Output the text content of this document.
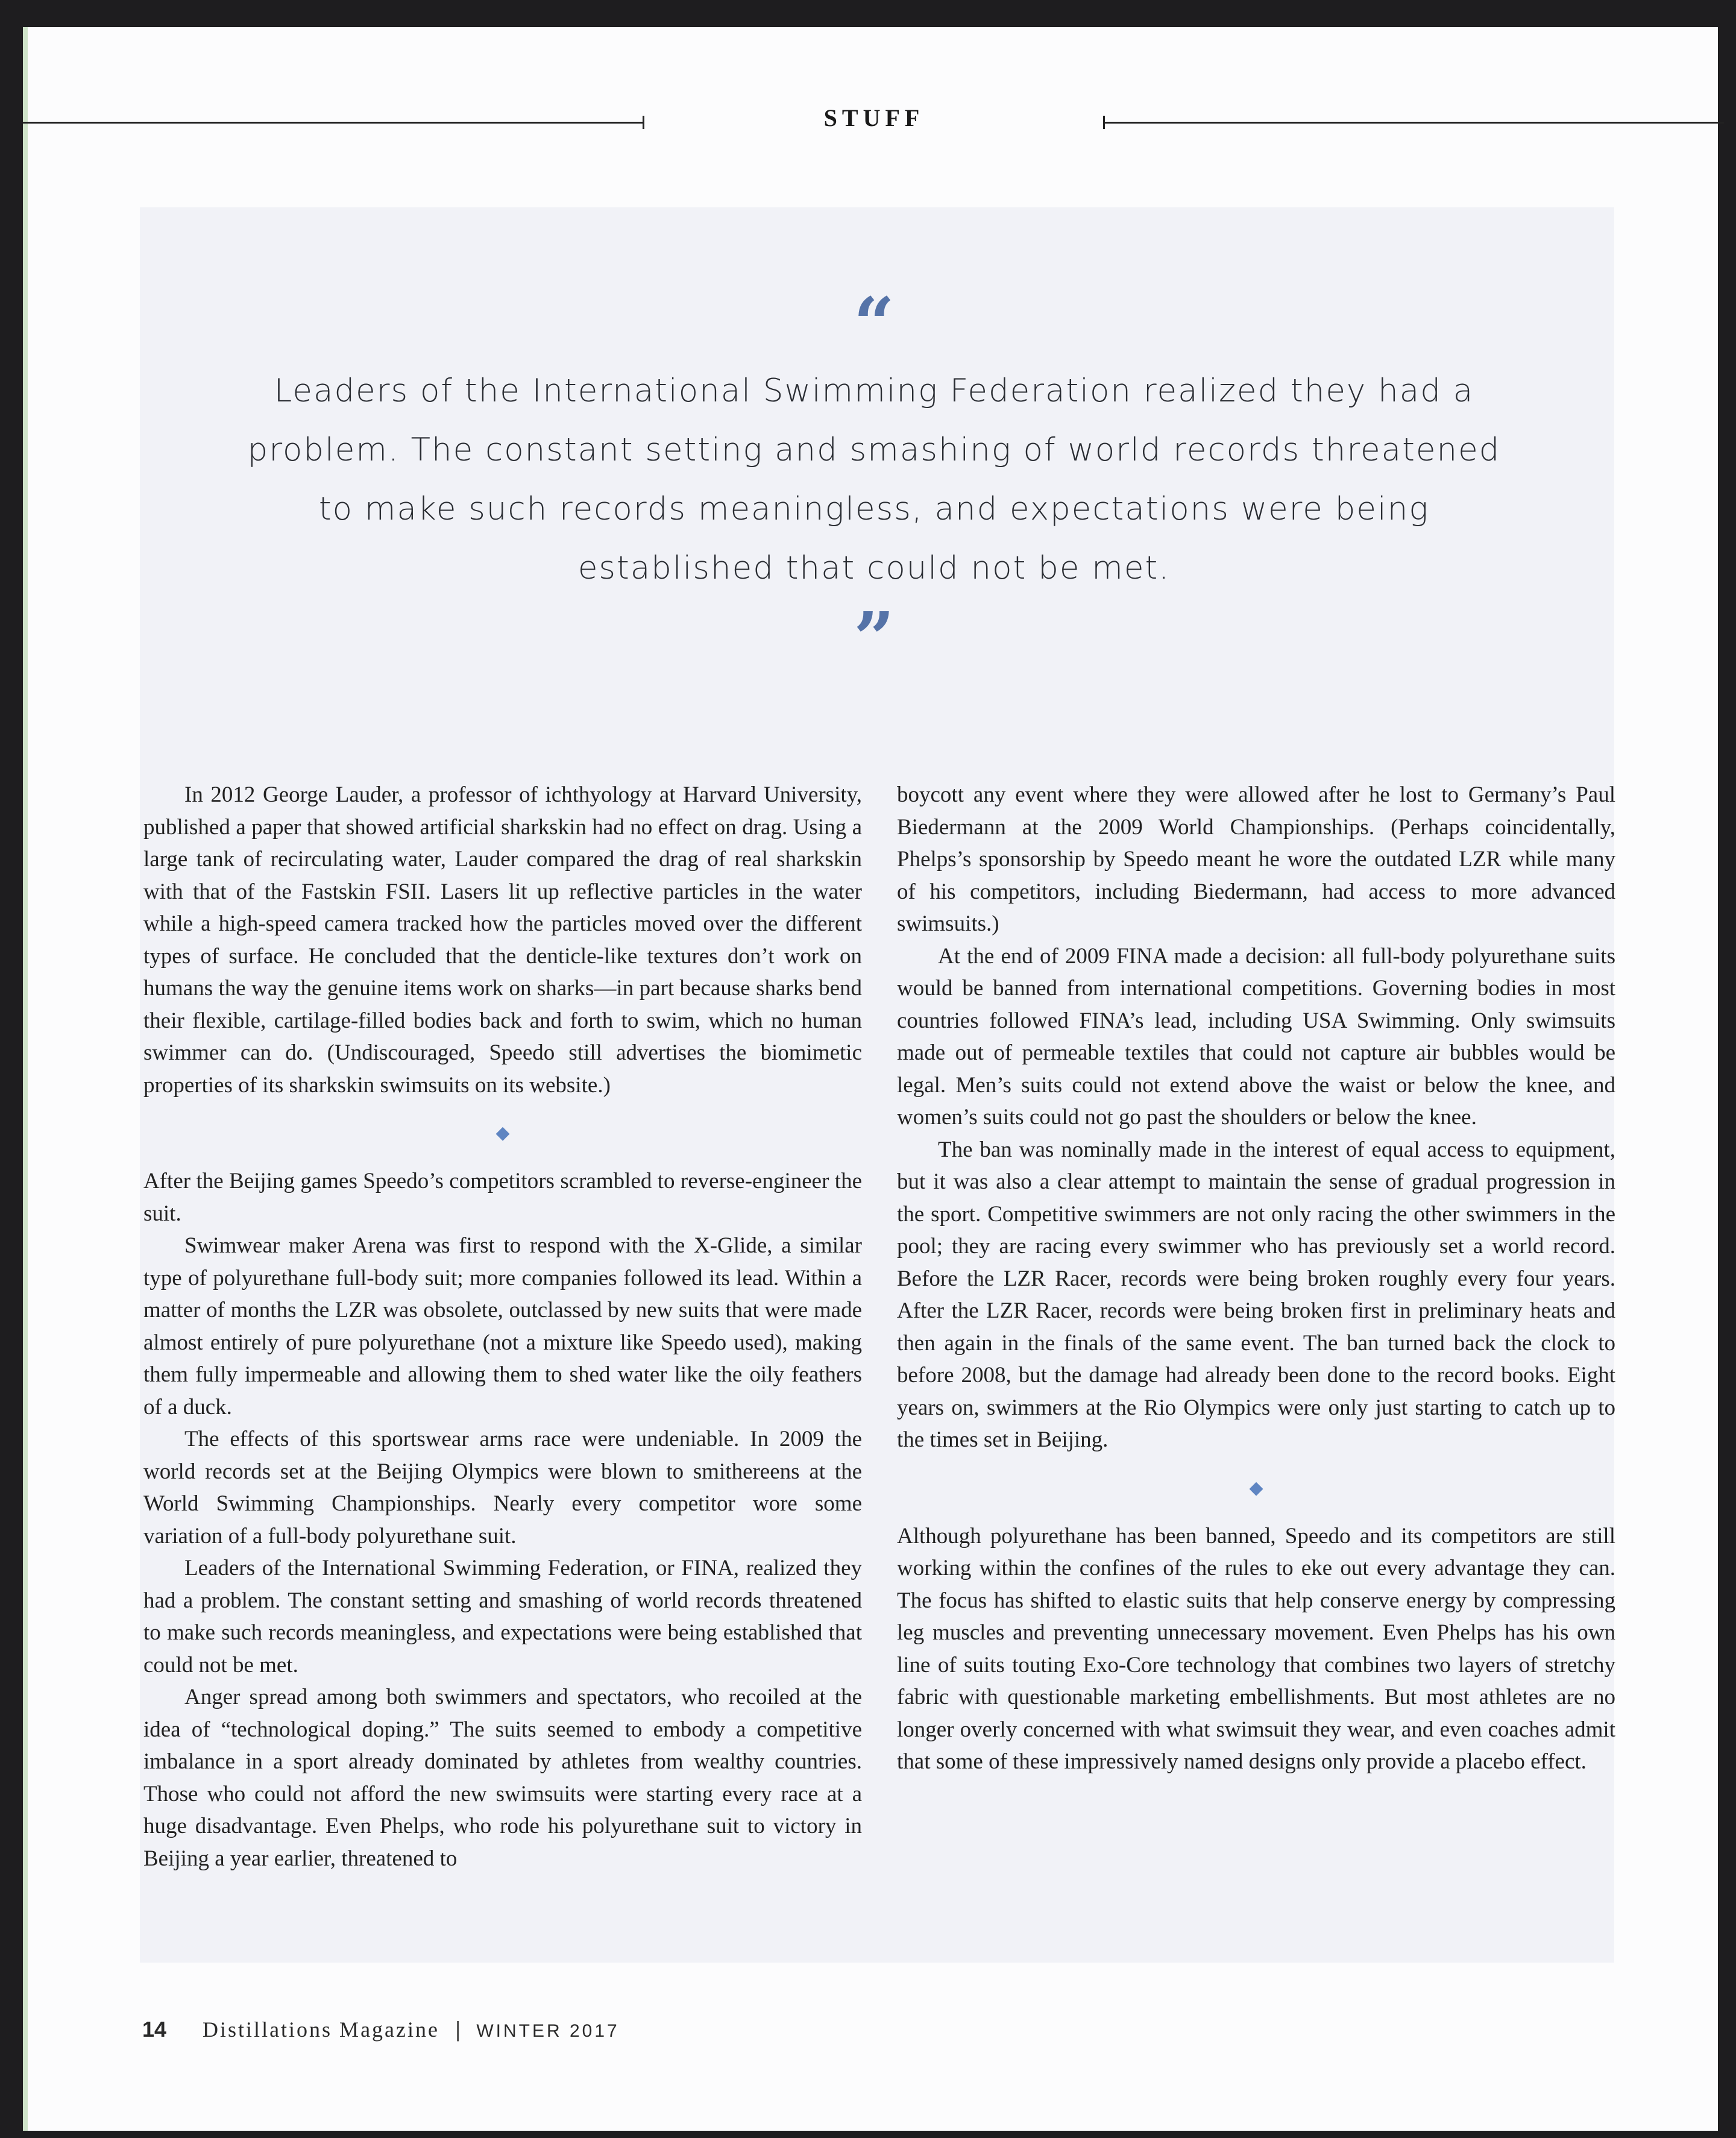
STUFF
“
Leaders of the International Swimming Federation realized they had a problem. The constant setting and smashing of world records threatened to make such records meaningless, and expectations were being established that could not be met.
”

In 2012 George Lauder, a professor of ichthyology at Harvard University, published a paper that showed artificial sharkskin had no effect on drag. Using a large tank of recirculating water, Lauder compared the drag of real sharkskin with that of the Fastskin FSII. Lasers lit up reflective particles in the water while a high-speed camera tracked how the particles moved over the different types of surface. He concluded that the denticle-like textures don’t work on humans the way the genuine items work on sharks—in part because sharks bend their flexible, cartilage-filled bodies back and forth to swim, which no human swimmer can do. (Undiscouraged, Speedo still advertises the biomimetic properties of its sharkskin swimsuits on its website.)

◆

After the Beijing games Speedo’s competitors scrambled to reverse-engineer the suit.

Swimwear maker Arena was first to respond with the X-Glide, a similar type of polyurethane full-body suit; more companies followed its lead. Within a matter of months the LZR was obsolete, outclassed by new suits that were made almost entirely of pure polyurethane (not a mixture like Speedo used), making them fully impermeable and allowing them to shed water like the oily feathers of a duck.

The effects of this sportswear arms race were undeniable. In 2009 the world records set at the Beijing Olympics were blown to smithereens at the World Swimming Championships. Nearly every competitor wore some variation of a full-body polyurethane suit.

Leaders of the International Swimming Federation, or FINA, realized they had a problem. The constant setting and smashing of world records threatened to make such records meaningless, and expectations were being established that could not be met.

Anger spread among both swimmers and spectators, who recoiled at the idea of “technological doping.” The suits seemed to embody a competitive imbalance in a sport already dominated by athletes from wealthy countries. Those who could not afford the new swimsuits were starting every race at a huge disadvantage. Even Phelps, who rode his polyurethane suit to victory in Beijing a year earlier, threatened to

boycott any event where they were allowed after he lost to Germany’s Paul Biedermann at the 2009 World Championships. (Perhaps coincidentally, Phelps’s sponsorship by Speedo meant he wore the outdated LZR while many of his competitors, including Biedermann, had access to more advanced swimsuits.)

At the end of 2009 FINA made a decision: all full-body polyurethane suits would be banned from international competitions. Governing bodies in most countries followed FINA’s lead, including USA Swimming. Only swimsuits made out of permeable textiles that could not capture air bubbles would be legal. Men’s suits could not extend above the waist or below the knee, and women’s suits could not go past the shoulders or below the knee.

The ban was nominally made in the interest of equal access to equipment, but it was also a clear attempt to maintain the sense of gradual progression in the sport. Competitive swimmers are not only racing the other swimmers in the pool; they are racing every swimmer who has previously set a world record. Before the LZR Racer, records were being broken roughly every four years. After the LZR Racer, records were being broken first in preliminary heats and then again in the finals of the same event. The ban turned back the clock to before 2008, but the damage had already been done to the record books. Eight years on, swimmers at the Rio Olympics were only just starting to catch up to the times set in Beijing.

◆

Although polyurethane has been banned, Speedo and its competitors are still working within the confines of the rules to eke out every advantage they can. The focus has shifted to elastic suits that help conserve energy by compressing leg muscles and preventing unnecessary movement. Even Phelps has his own line of suits touting Exo-Core technology that combines two layers of stretchy fabric with questionable marketing embellishments. But most athletes are no longer overly concerned with what swimsuit they wear, and even coaches admit that some of these impressively named designs only provide a placebo effect.

14 Distillations Magazine | WINTER 2017
